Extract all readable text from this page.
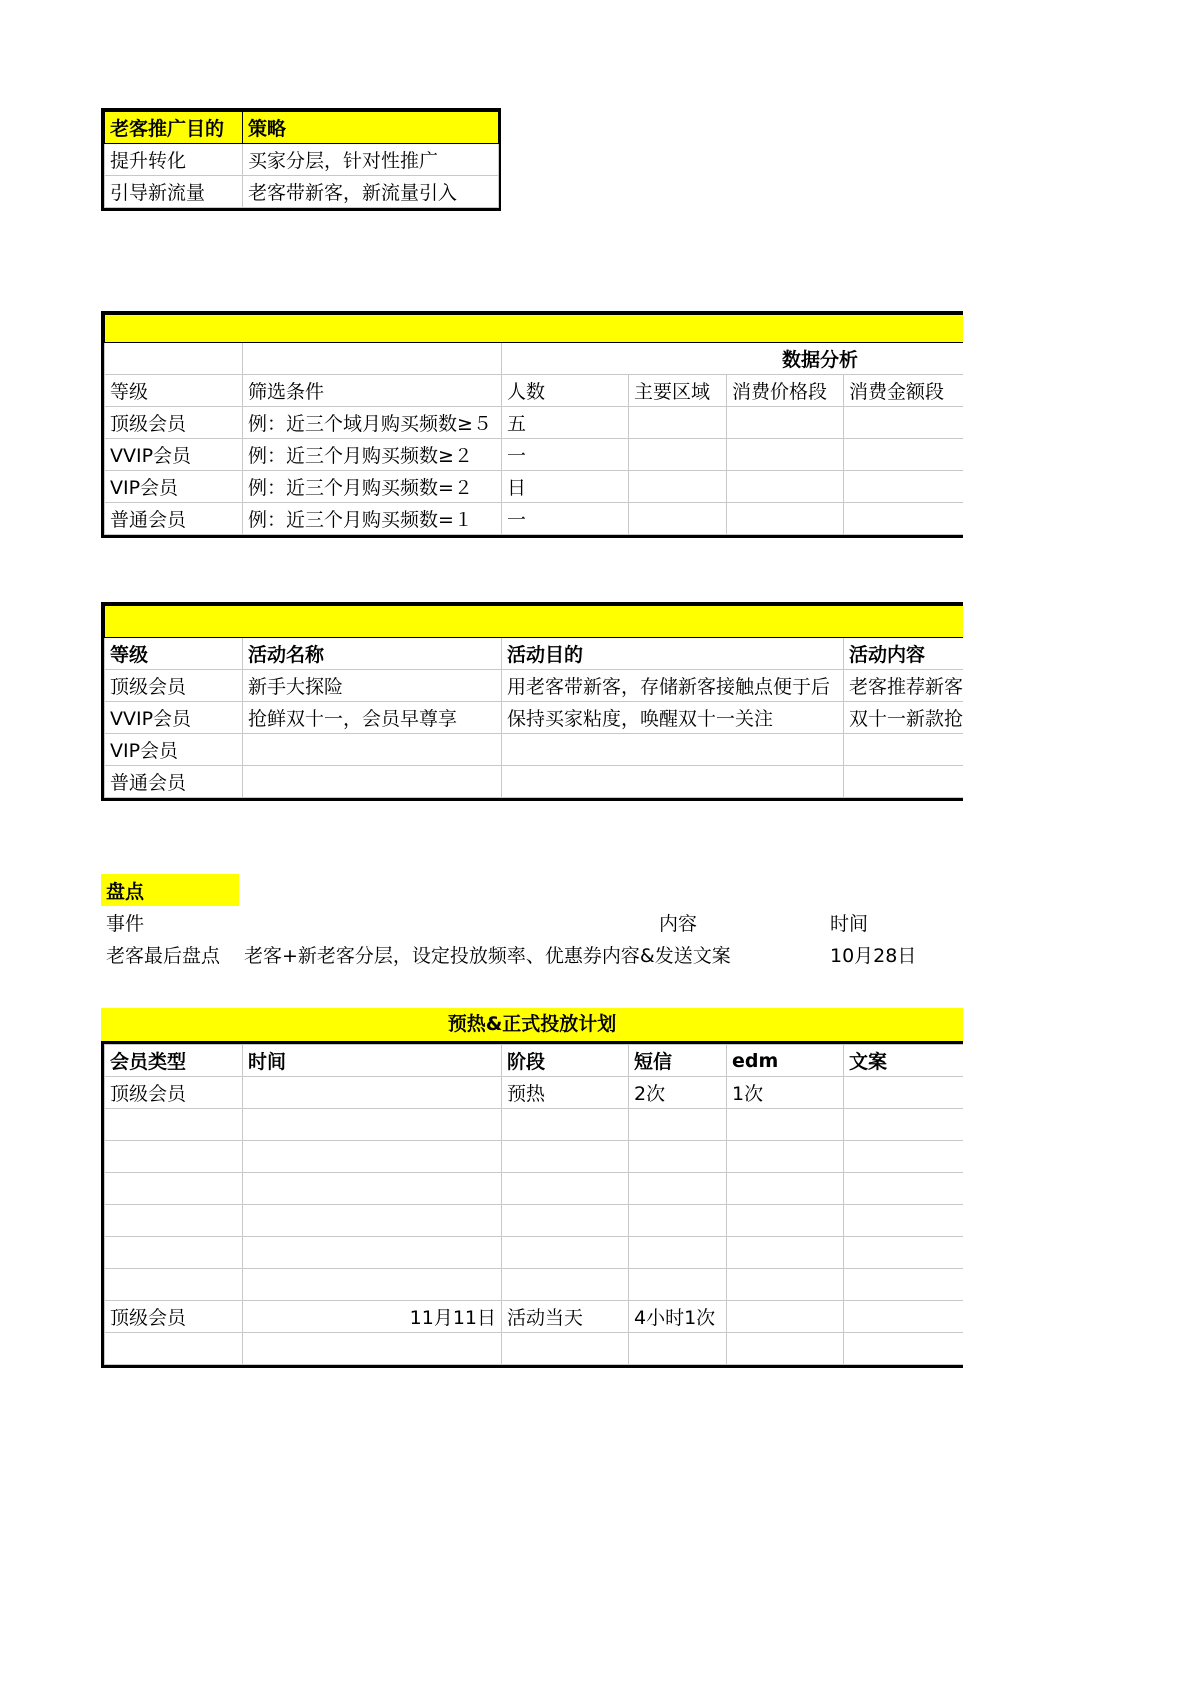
老客推广目的	策略
提升转化	买家分层，针对性推广
引导新流量	老客带新客，新流量引入

		数据分析			
等级	筛选条件	人数	主要区域	消费价格段	消费金额段
顶级会员	例：近三个域月购买频数≥５	五			
VVIP会员	例：近三个月购买频数≥２	一			
VIP会员	例：近三个月购买频数=２	日			
普通会员	例：近三个月购买频数=１	一			

等级	活动名称	活动目的	活动内容
顶级会员	新手大探险	用老客带新客，存储新客接触点便于后	老客推荐新客
VVIP会员	抢鲜双十一，会员早尊享	保持买家粘度，唤醒双十一关注	双十一新款抢
VIP会员			
普通会员			
盘点		
事件	内容	时间
老客最后盘点	老客+新老客分层，设定投放频率、优惠券内容&发送文案	10月28日
预热&正式投放计划
会员类型	时间	阶段	短信	edm	文案
顶级会员		预热	2次	1次	

顶级会员	11月11日	活动当天	4小时1次		
